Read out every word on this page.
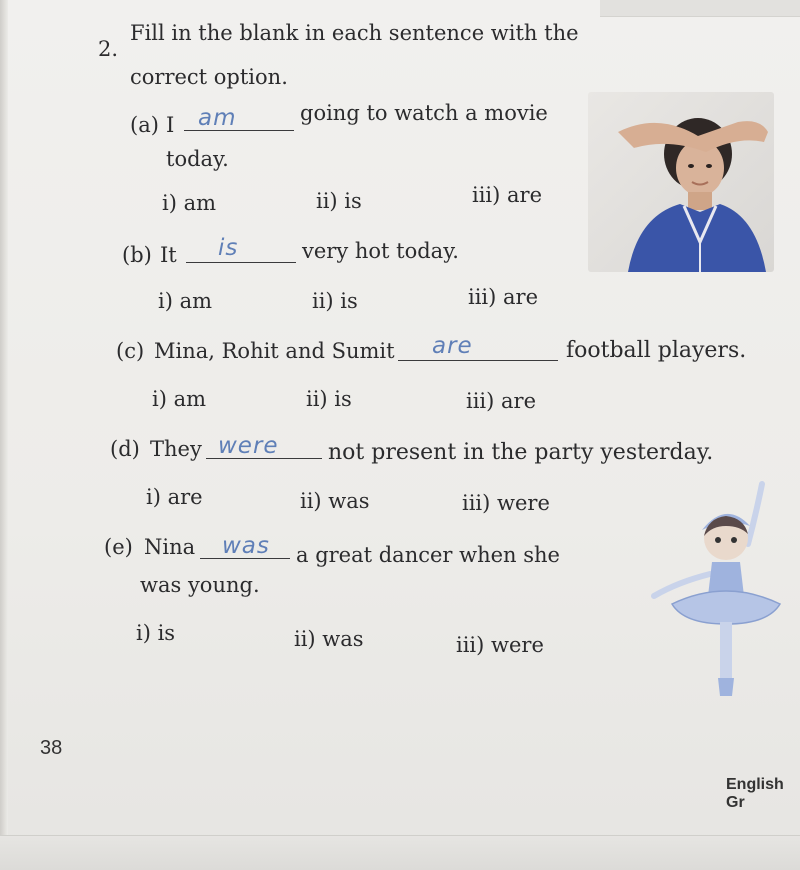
2.
Fill in the blank in each sentence with the
correct option.
(a) I am	going to watch a movie
today.
i) am	ii) is	iii) are
(b) It is	very hot today.
i) am	ii) is	iii) are
(c) Mina, Rohit and Sumit are	football players.
i) am	ii) is	iii) are
(d) They were not present in the party yesterday.
i) are	ii) was	iii) were
(e) Nina was a great dancer when she
was young.
i) is	ii) was	iii) were
38
English Gr
